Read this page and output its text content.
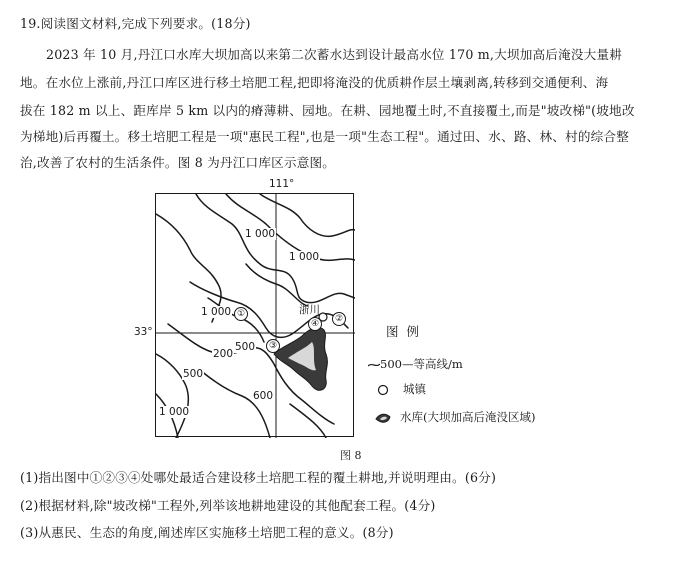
19.阅读图文材料,完成下列要求。(18分)
2023 年 10 月,丹江口水库大坝加高以来第二次蓄水达到设计最高水位 170 m,大坝加高后淹没大量耕
地。在水位上涨前,丹江口库区进行移土培肥工程,把即将淹没的优质耕作层土壤剥离,转移到交通便利、海
拔在 182 m 以上、距库岸 5 km 以内的瘠薄耕、园地。在耕、园地覆土时,不直接覆土,而是"坡改梯"(坡地改
为梯地)后再覆土。移土培肥工程是一项"惠民工程",也是一项"生态工程"。通过田、水、路、林、村的综合整
治,改善了农村的生活条件。图 8 为丹江口库区示意图。
111°
33°
1 000
1 000
1 000
500
200
500
600
1 000
浙川
①	②
③
④	图例
500—等高线/m
城镇
水库(大坝加高后淹没区域)
图 8
(1)指出图中①②③④处哪处最适合建设移土培肥工程的覆土耕地,并说明理由。(6分)
(2)根据材料,除"坡改梯"工程外,列举该地耕地建设的其他配套工程。(4分)
(3)从惠民、生态的角度,阐述库区实施移土培肥工程的意义。(8分)
